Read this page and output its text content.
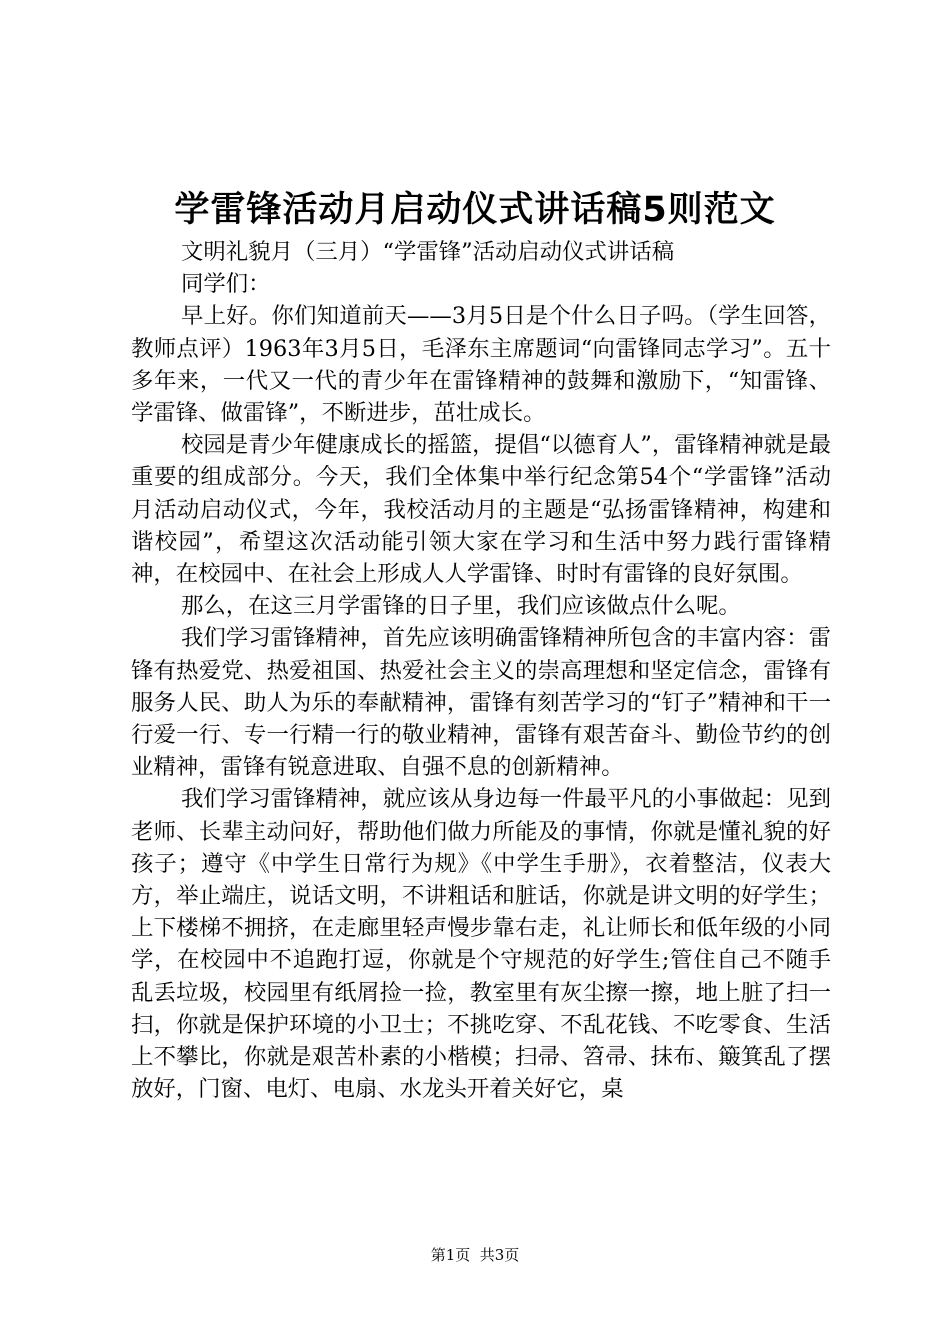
学雷锋活动月启动仪式讲话稿5则范文

文明礼貌月（三月）“学雷锋”活动启动仪式讲话稿

同学们：

早上好。你们知道前天——3月5日是个什么日子吗。（学生回答，教师点评）1963年3月5日，毛泽东主席题词“向雷锋同志学习”。五十多年来，一代又一代的青少年在雷锋精神的鼓舞和激励下，“知雷锋、学雷锋、做雷锋”，不断进步，茁壮成长。

校园是青少年健康成长的摇篮，提倡“以德育人”，雷锋精神就是最重要的组成部分。今天，我们全体集中举行纪念第54个“学雷锋”活动月活动启动仪式，今年，我校活动月的主题是“弘扬雷锋精神，构建和谐校园”，希望这次活动能引领大家在学习和生活中努力践行雷锋精神，在校园中、在社会上形成人人学雷锋、时时有雷锋的良好氛围。

那么，在这三月学雷锋的日子里，我们应该做点什么呢。

我们学习雷锋精神，首先应该明确雷锋精神所包含的丰富内容：雷锋有热爱党、热爱祖国、热爱社会主义的崇高理想和坚定信念，雷锋有服务人民、助人为乐的奉献精神，雷锋有刻苦学习的“钉子”精神和干一行爱一行、专一行精一行的敬业精神，雷锋有艰苦奋斗、勤俭节约的创业精神，雷锋有锐意进取、自强不息的创新精神。

我们学习雷锋精神，就应该从身边每一件最平凡的小事做起：见到老师、长辈主动问好，帮助他们做力所能及的事情，你就是懂礼貌的好孩子；遵守《中学生日常行为规》《中学生手册》，衣着整洁，仪表大方，举止端庄，说话文明，不讲粗话和脏话，你就是讲文明的好学生；上下楼梯不拥挤，在走廊里轻声慢步靠右走，礼让师长和低年级的小同学，在校园中不追跑打逗，你就是个守规范的好学生;管住自己不随手乱丢垃圾，校园里有纸屑捡一捡，教室里有灰尘擦一擦，地上脏了扫一扫，你就是保护环境的小卫士；不挑吃穿、不乱花钱、不吃零食、生活上不攀比，你就是艰苦朴素的小楷模；扫帚、笤帚、抹布、簸箕乱了摆放好，门窗、电灯、电扇、水龙头开着关好它，桌

第1页  共3页
